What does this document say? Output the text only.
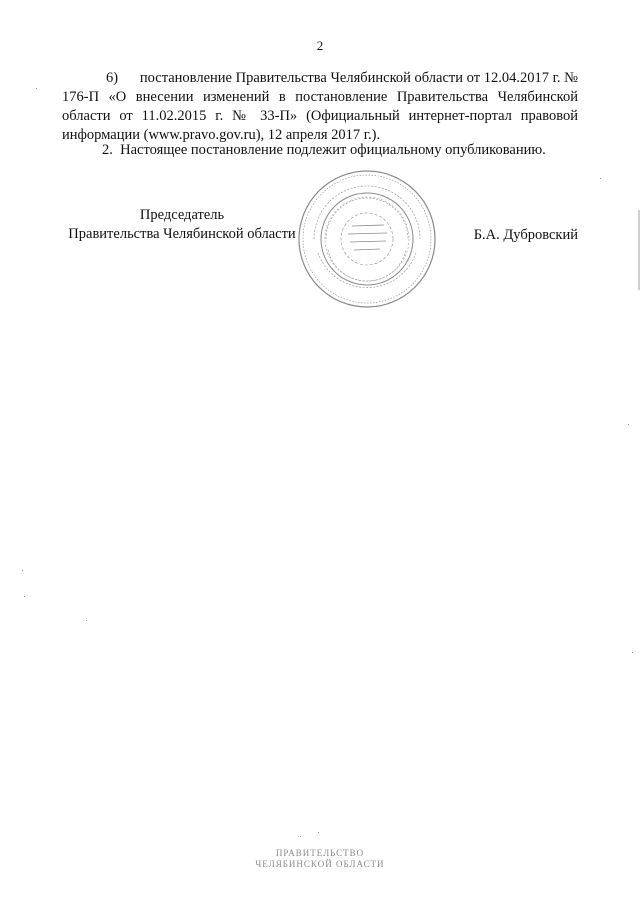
2
6)      постановление Правительства Челябинской области от 12.04.2017 г. № 176-П «О внесении изменений в постановление Правительства Челябинской области от 11.02.2015 г. № 33-П» (Официальный интернет-портал правовой информации (www.pravo.gov.ru), 12 апреля 2017 г.).
2.  Настоящее постановление подлежит официальному опубликованию.
Председатель
Правительства Челябинской области	Б.А. Дубровский
ПРАВИТЕЛЬСТВО
ЧЕЛЯБИНСКОЙ ОБЛАСТИ
